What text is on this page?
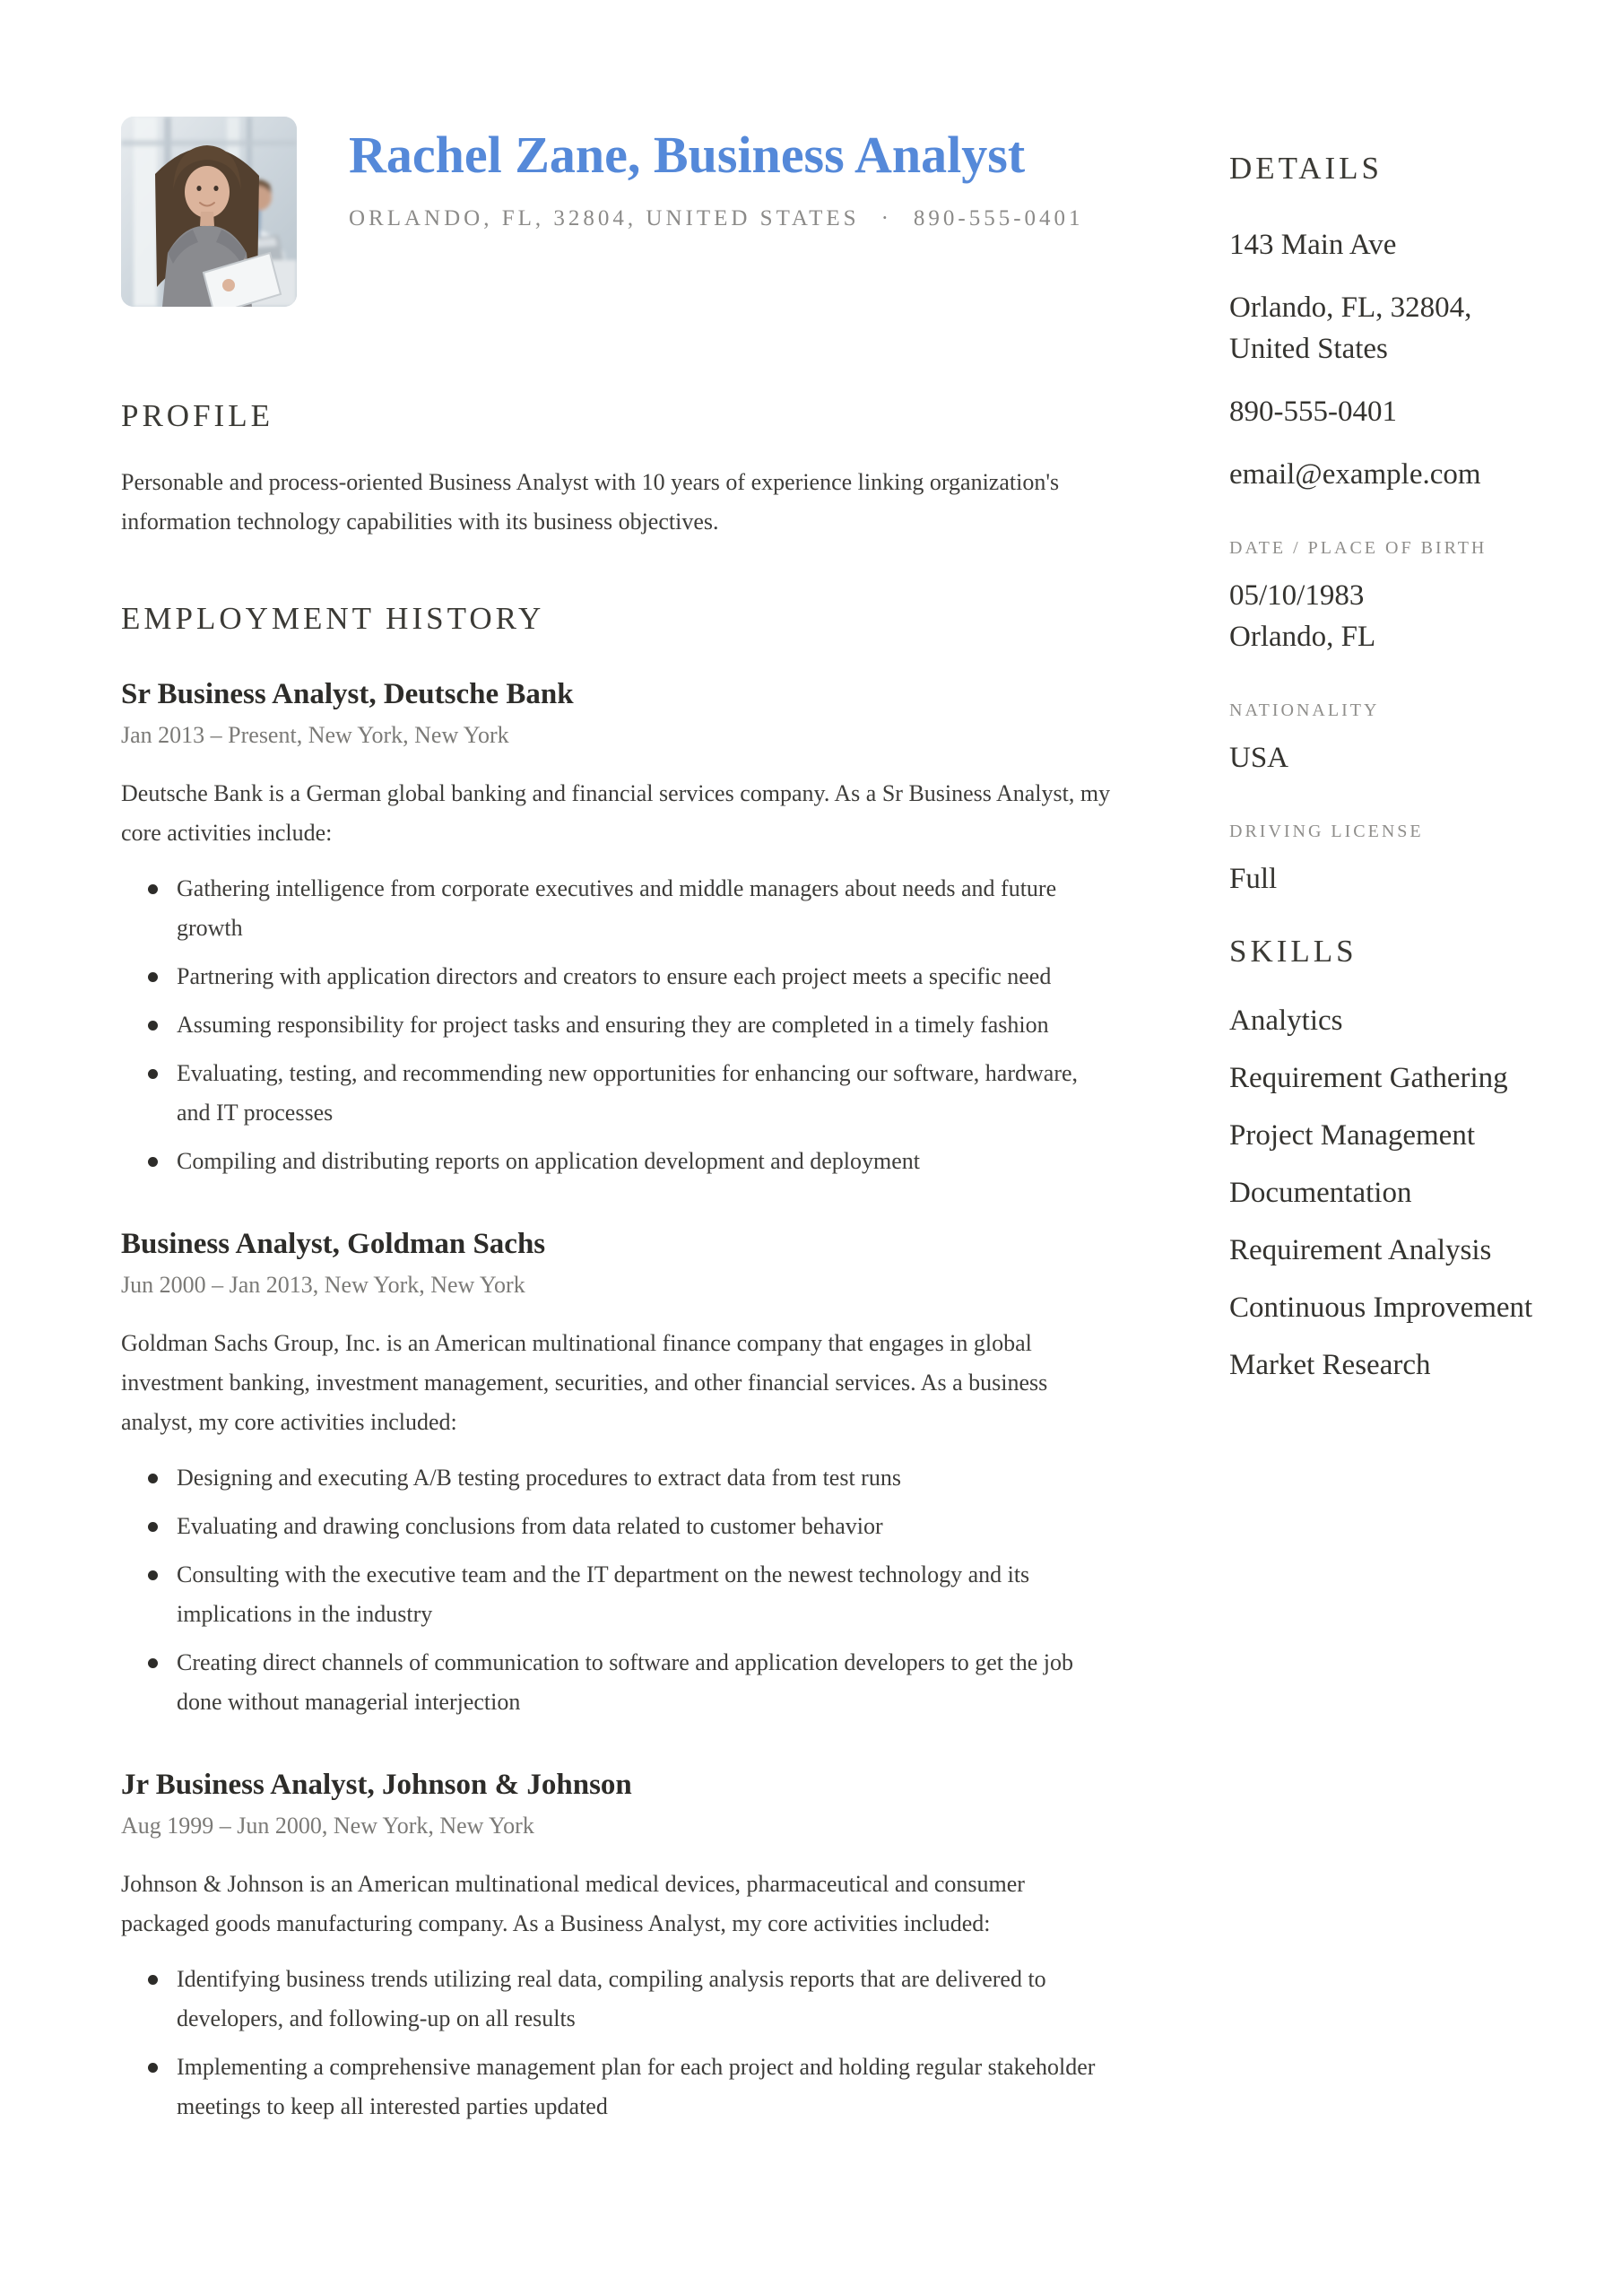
Rachel Zane, Business Analyst
ORLANDO, FL, 32804, UNITED STATES · 890-555-0401
PROFILE

Personable and process-oriented Business Analyst with 10 years of experience linking organization's information technology capabilities with its business objectives.

EMPLOYMENT HISTORY
Sr Business Analyst, Deutsche Bank
Jan 2013 – Present, New York, New York

Deutsche Bank is a German global banking and financial services company. As a Sr Business Analyst, my core activities include:

Gathering intelligence from corporate executives and middle managers about needs and future growth
Partnering with application directors and creators to ensure each project meets a specific need
Assuming responsibility for project tasks and ensuring they are completed in a timely fashion
Evaluating, testing, and recommending new opportunities for enhancing our software, hardware, and IT processes
Compiling and distributing reports on application development and deployment
Business Analyst, Goldman Sachs
Jun 2000 – Jan 2013, New York, New York

Goldman Sachs Group, Inc. is an American multinational finance company that engages in global investment banking, investment management, securities, and other financial services. As a business analyst, my core activities included:

Designing and executing A/B testing procedures to extract data from test runs
Evaluating and drawing conclusions from data related to customer behavior
Consulting with the executive team and the IT department on the newest technology and its implications in the industry
Creating direct channels of communication to software and application developers to get the job done without managerial interjection
Jr Business Analyst, Johnson & Johnson
Aug 1999 – Jun 2000, New York, New York

Johnson & Johnson is an American multinational medical devices, pharmaceutical and consumer packaged goods manufacturing company. As a Business Analyst, my core activities included:

Identifying business trends utilizing real data, compiling analysis reports that are delivered to developers, and following-up on all results
Implementing a comprehensive management plan for each project and holding regular stakeholder meetings to keep all interested parties updated
DETAILS

143 Main Ave

Orlando, FL, 32804, United States

890-555-0401

email@example.com

DATE / PLACE OF BIRTH

05/10/1983
Orlando, FL

NATIONALITY

USA

DRIVING LICENSE

Full

SKILLS
Analytics
Requirement Gathering
Project Management
Documentation
Requirement Analysis
Continuous Improvement
Market Research
